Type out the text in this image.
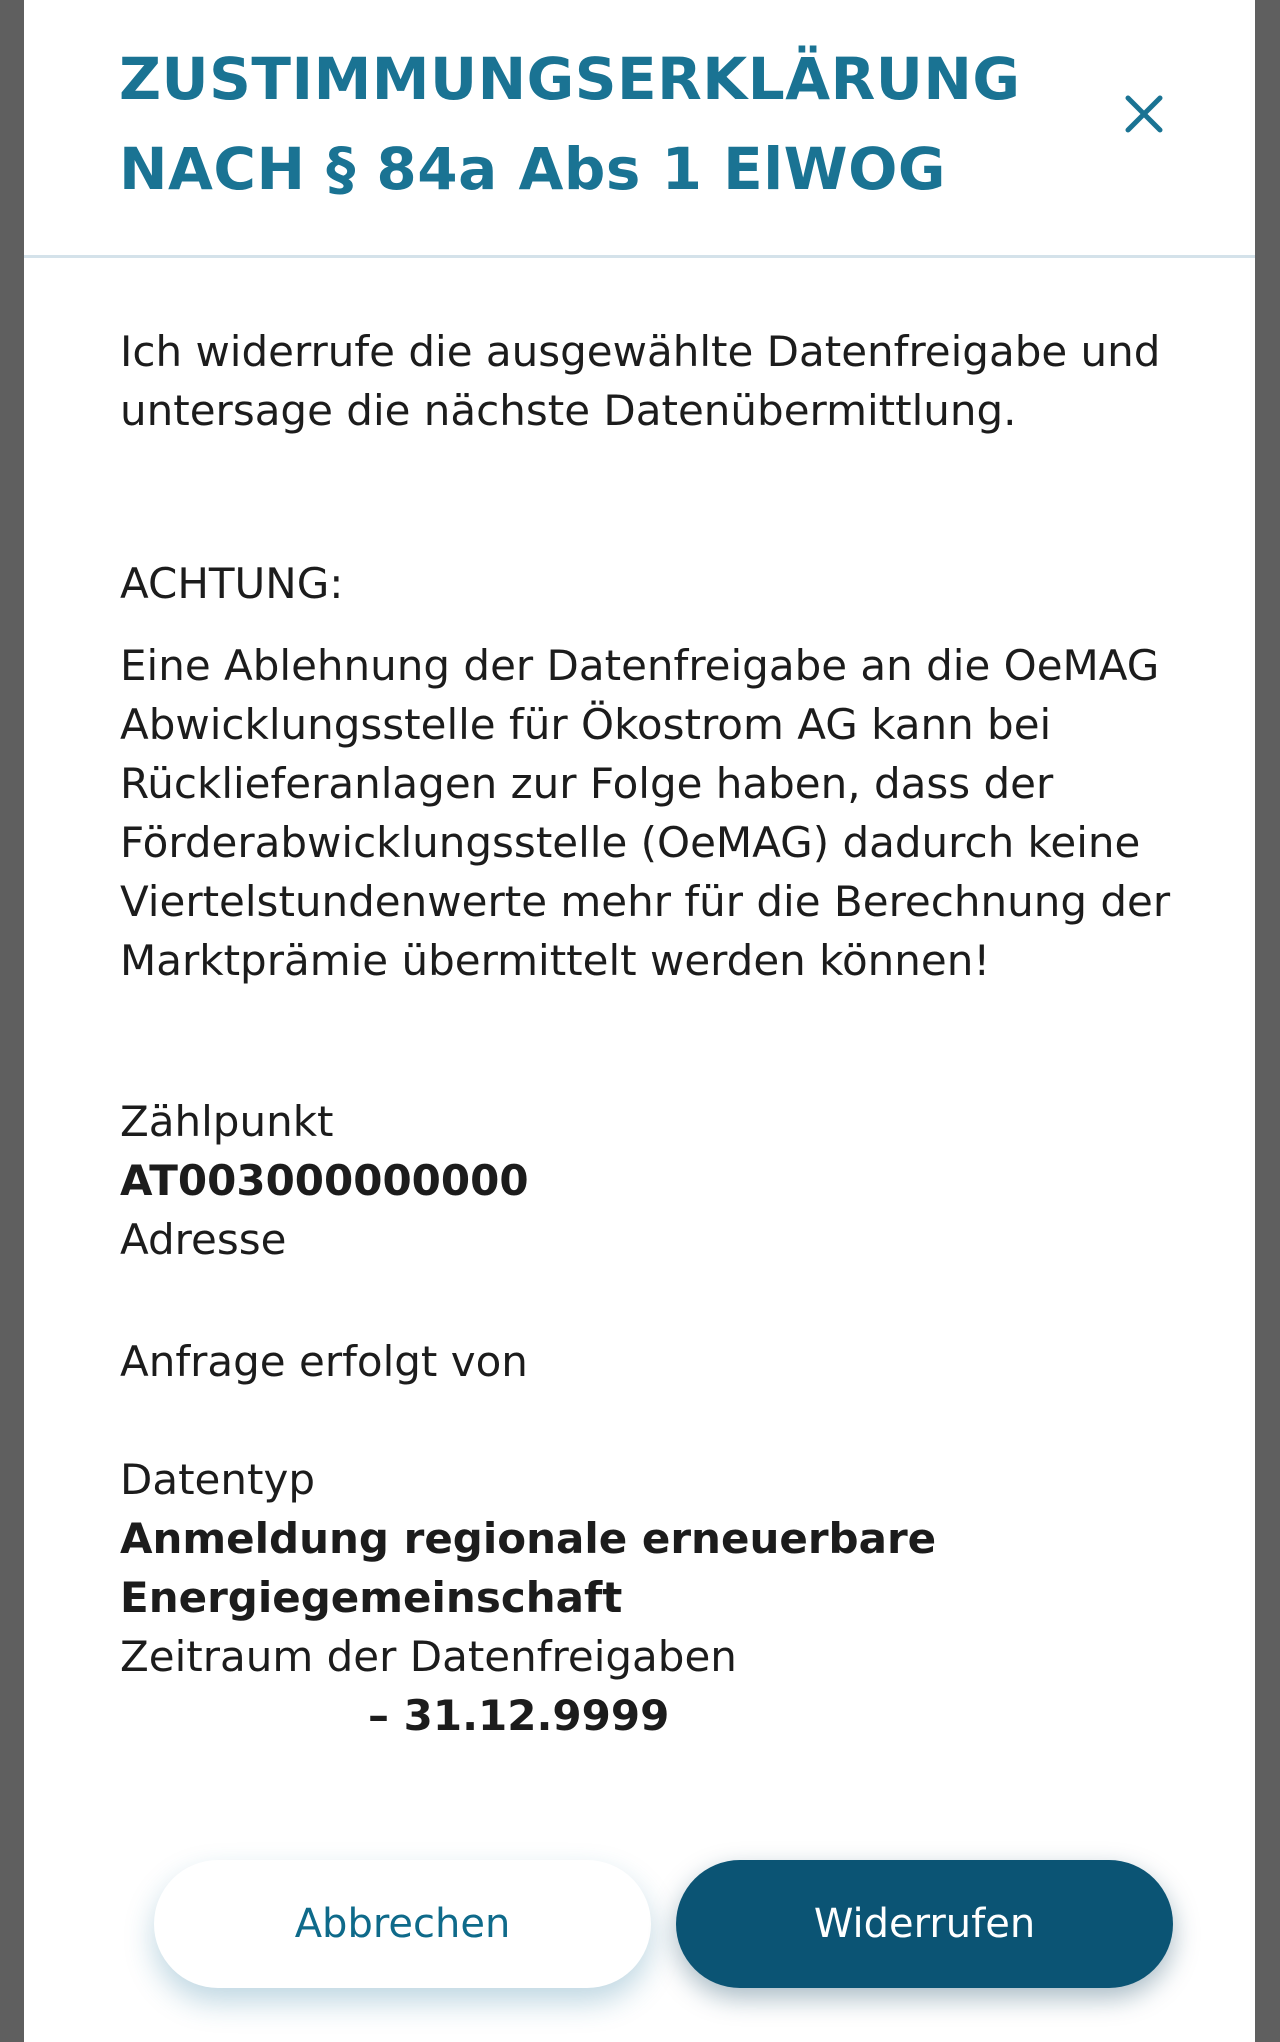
ZUSTIMMUNGSERKLÄRUNG
NACH § 84a Abs 1 ElWOG

Ich widerrufe die ausgewählte Datenfreigabe und untersage die nächste Datenübermittlung.

ACHTUNG:

Eine Ablehnung der Datenfreigabe an die OeMAG Abwicklungsstelle für Ökostrom AG kann bei Rücklieferanlagen zur Folge haben, dass der Förderabwicklungsstelle (OeMAG) dadurch keine Viertelstundenwerte mehr für die Berechnung der Marktprämie übermittelt werden können!

Zählpunkt
AT003000000000
Adresse
Anfrage erfolgt von
Datentyp
Anmeldung regionale erneuerbare Energiegemeinschaft
Zeitraum der Datenfreigaben
– 31.12.9999
Abbrechen	Widerrufen
